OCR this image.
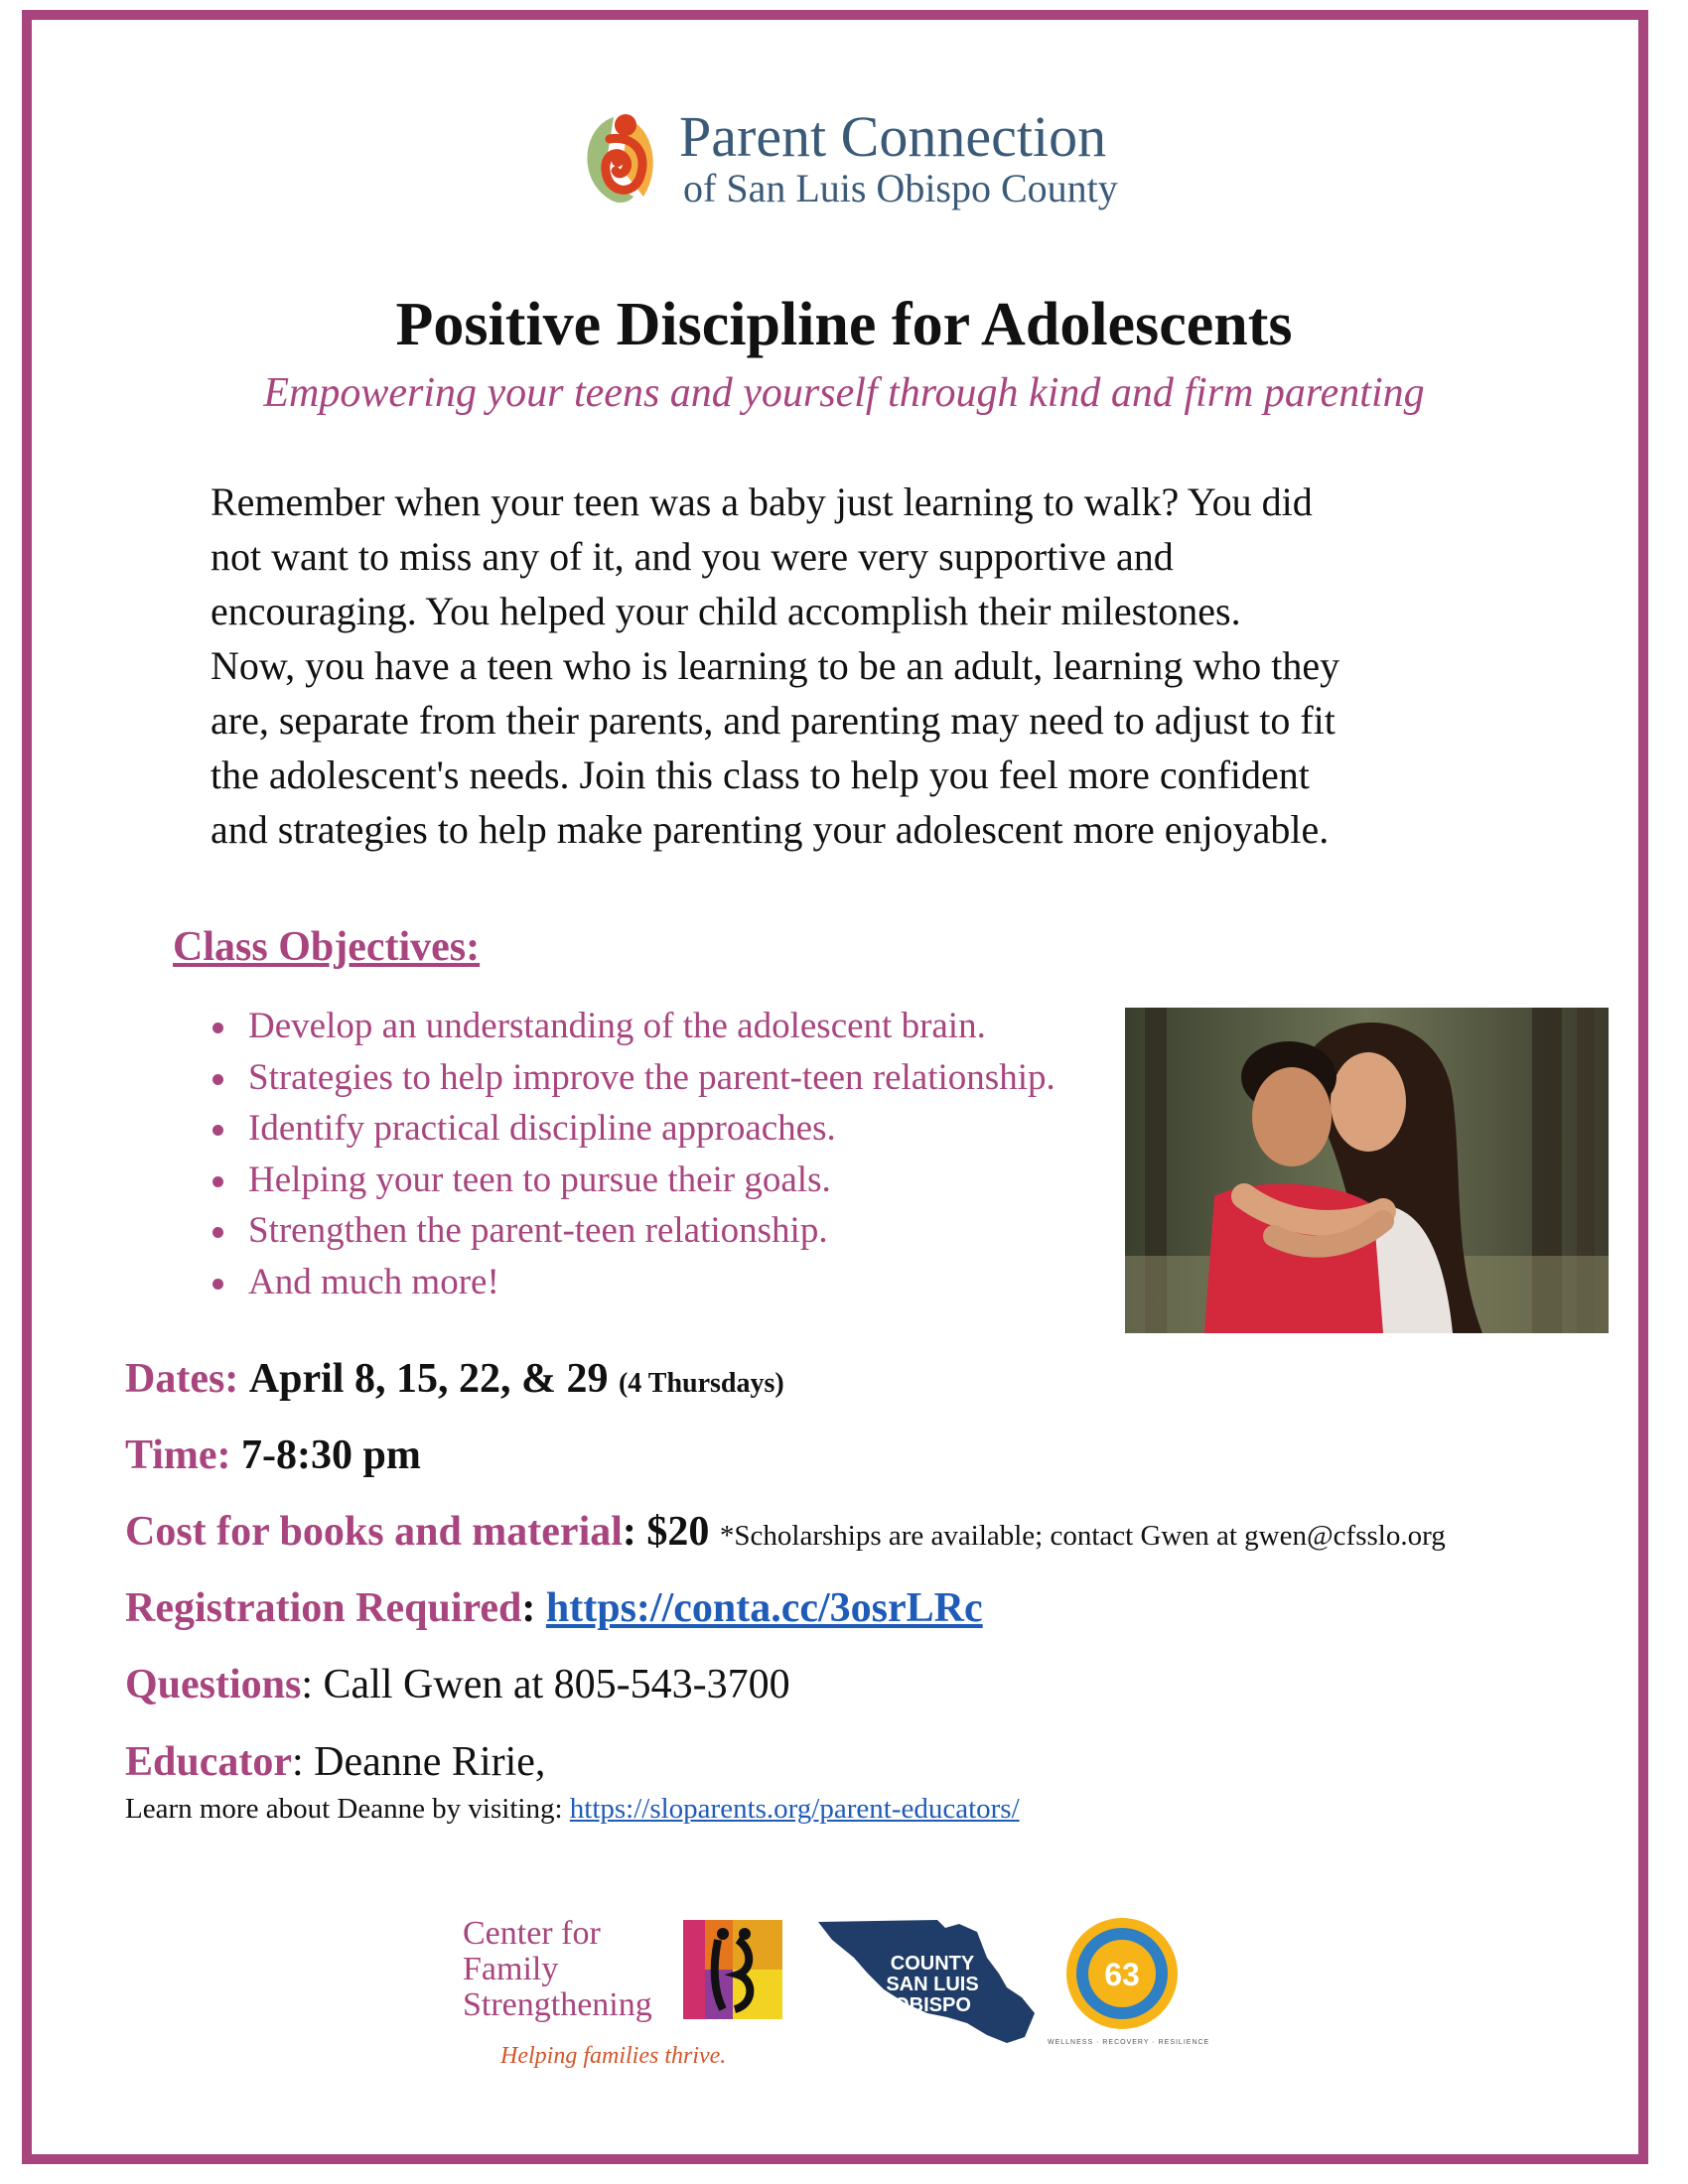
Parent Connection
of San Luis Obispo County
Positive Discipline for Adolescents
Empowering your teens and yourself through kind and firm parenting

Remember when your teen was a baby just learning to walk? You did
not want to miss any of it, and you were very supportive and
encouraging. You helped your child accomplish their milestones.
Now, you have a teen who is learning to be an adult, learning who they
are, separate from their parents, and parenting may need to adjust to fit
the adolescent's needs. Join this class to help you feel more confident
and strategies to help make parenting your adolescent more enjoyable.

Class Objectives:
Develop an understanding of the adolescent brain.
Strategies to help improve the parent-teen relationship.
Identify practical discipline approaches.
Helping your teen to pursue their goals.
Strengthen the parent-teen relationship.
And much more!
Dates: April 8, 15, 22, & 29 (4 Thursdays)
Time: 7-8:30 pm
Cost for books and material: $20 *Scholarships are available; contact Gwen at gwen@cfsslo.org
Registration Required: https://conta.cc/3osrLRc
Questions: Call Gwen at 805-543-3700
Educator: Deanne Ririe,
Learn more about Deanne by visiting: https://sloparents.org/parent-educators/
Center for
Family
Strengthening
Helping families thrive.
COUNTY
SAN LUIS
OBISPO
63
WELLNESS · RECOVERY · RESILIENCE
